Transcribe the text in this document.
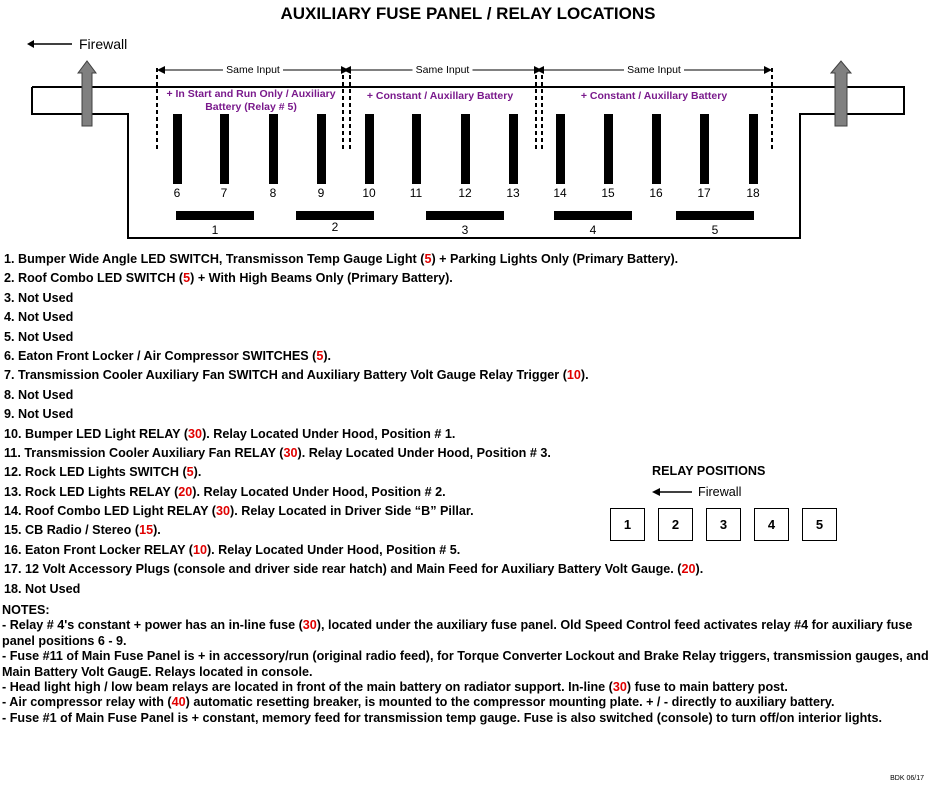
AUXILIARY FUSE PANEL / RELAY LOCATIONS
Firewall
Same Input	Same Input	Same Input
+ In Start and Run Only / Auxiliary
Battery (Relay # 5)
+ Constant / Auxillary Battery	+ Constant / Auxillary Battery
6	7	8	9	10	11	12	13	14	15	16	17	18
1	2	3	4	5
1. Bumper Wide Angle LED SWITCH, Transmisson Temp Gauge Light (5) + Parking Lights Only (Primary Battery).
2. Roof Combo LED SWITCH (5) + With High Beams Only (Primary Battery).
3. Not Used
4. Not Used
5. Not Used
6. Eaton Front Locker / Air Compressor SWITCHES (5).
7. Transmission Cooler Auxiliary Fan SWITCH and Auxiliary Battery Volt Gauge Relay Trigger (10).
8. Not Used
9. Not Used
10. Bumper LED Light RELAY (30). Relay Located Under Hood, Position # 1.
11. Transmission Cooler Auxiliary Fan RELAY (30). Relay Located Under Hood, Position # 3.
12. Rock LED Lights SWITCH (5).
13. Rock LED Lights RELAY (20). Relay Located Under Hood, Position # 2.
14. Roof Combo LED Light RELAY (30). Relay Located in Driver Side “B” Pillar.
15. CB Radio / Stereo (15).
16. Eaton Front Locker RELAY (10). Relay Located Under Hood, Position # 5.
17. 12 Volt Accessory Plugs (console and driver side rear hatch) and Main Feed for Auxiliary Battery Volt Gauge. (20).
18. Not Used
RELAY POSITIONS
Firewall
1	2	3	4	5
NOTES:
- Relay # 4's constant + power has an in-line fuse (30), located under the auxiliary fuse panel. Old Speed Control feed activates relay #4 for auxiliary fuse panel positions 6 - 9.
- Fuse #11 of Main Fuse Panel is + in accessory/run (original radio feed), for Torque Converter Lockout and Brake Relay triggers, transmission gauges, and Main Battery Volt GaugE. Relays located in console.
- Head light high / low beam relays are located in front of the main battery on radiator support. In-line (30) fuse to main battery post.
- Air compressor relay with (40) automatic resetting breaker, is mounted to the compressor mounting plate. + / - directly to auxiliary battery.
- Fuse #1 of Main Fuse Panel is + constant, memory feed for transmission temp gauge. Fuse is also switched (console) to turn off/on interior lights.
BDK 06/17
